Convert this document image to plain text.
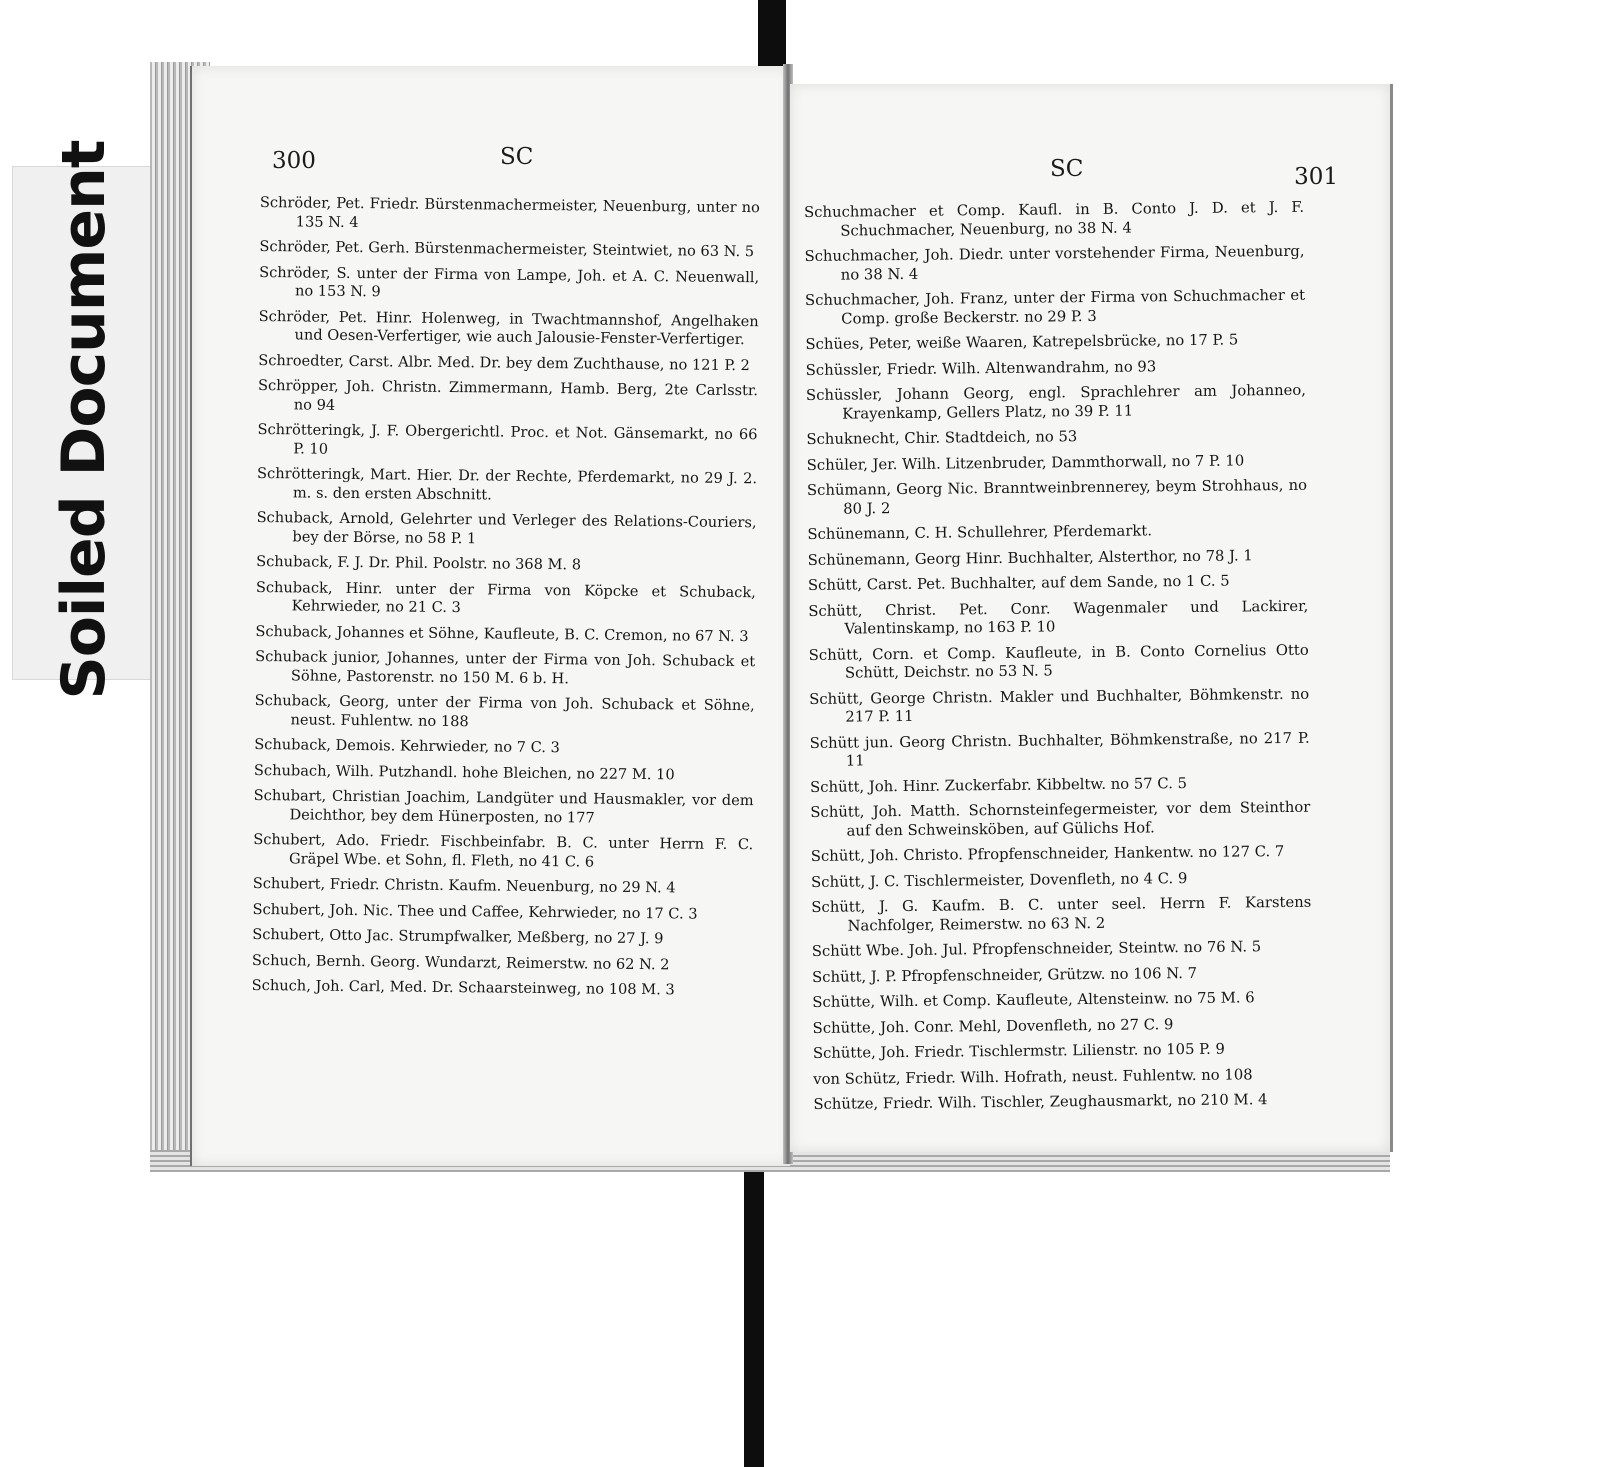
Soiled Document	300	SC
Schröder, Pet. Friedr. Bürstenmachermeister, Neuenburg, unter no 135 N. 4
Schröder, Pet. Gerh. Bürstenmachermeister, Steintwiet, no 63 N. 5
Schröder, S. unter der Firma von Lampe, Joh. et A. C. Neuenwall, no 153 N. 9
Schröder, Pet. Hinr. Holenweg, in Twachtmannshof, Angelhaken und Oesen-Verfertiger, wie auch Jalousie-Fenster-Verfertiger.
Schroedter, Carst. Albr. Med. Dr. bey dem Zuchthause, no 121 P. 2
Schröpper, Joh. Christn. Zimmermann, Hamb. Berg, 2te Carlsstr. no 94
Schrötteringk, J. F. Obergerichtl. Proc. et Not. Gänsemarkt, no 66 P. 10
Schrötteringk, Mart. Hier. Dr. der Rechte, Pferdemarkt, no 29 J. 2. m. s. den ersten Abschnitt.
Schuback, Arnold, Gelehrter und Verleger des Relations-Couriers, bey der Börse, no 58 P. 1
Schuback, F. J. Dr. Phil. Poolstr. no 368 M. 8
Schuback, Hinr. unter der Firma von Köpcke et Schuback, Kehrwieder, no 21 C. 3
Schuback, Johannes et Söhne, Kaufleute, B. C. Cremon, no 67 N. 3
Schuback junior, Johannes, unter der Firma von Joh. Schuback et Söhne, Pastorenstr. no 150 M. 6 b. H.
Schuback, Georg, unter der Firma von Joh. Schuback et Söhne, neust. Fuhlentw. no 188
Schuback, Demois. Kehrwieder, no 7 C. 3
Schubach, Wilh. Putzhandl. hohe Bleichen, no 227 M. 10
Schubart, Christian Joachim, Landgüter und Hausmakler, vor dem Deichthor, bey dem Hünerposten, no 177
Schubert, Ado. Friedr. Fischbeinfabr. B. C. unter Herrn F. C. Gräpel Wbe. et Sohn, fl. Fleth, no 41 C. 6
Schubert, Friedr. Christn. Kaufm. Neuenburg, no 29 N. 4
Schubert, Joh. Nic. Thee und Caffee, Kehrwieder, no 17 C. 3
Schubert, Otto Jac. Strumpfwalker, Meßberg, no 27 J. 9
Schuch, Bernh. Georg. Wundarzt, Reimerstw. no 62 N. 2
Schuch, Joh. Carl, Med. Dr. Schaarsteinweg, no 108 M. 3
301
SC
Schuchmacher et Comp. Kaufl. in B. Conto J. D. et J. F. Schuchmacher, Neuenburg, no 38 N. 4
Schuchmacher, Joh. Diedr. unter vorstehender Firma, Neuenburg, no 38 N. 4
Schuchmacher, Joh. Franz, unter der Firma von Schuchmacher et Comp. große Beckerstr. no 29 P. 3
Schües, Peter, weiße Waaren, Katrepelsbrücke, no 17 P. 5
Schüssler, Friedr. Wilh. Altenwandrahm, no 93
Schüssler, Johann Georg, engl. Sprachlehrer am Johanneo, Krayenkamp, Gellers Platz, no 39 P. 11
Schuknecht, Chir. Stadtdeich, no 53
Schüler, Jer. Wilh. Litzenbruder, Dammthorwall, no 7 P. 10
Schümann, Georg Nic. Branntweinbrennerey, beym Strohhaus, no 80 J. 2
Schünemann, C. H. Schullehrer, Pferdemarkt.
Schünemann, Georg Hinr. Buchhalter, Alsterthor, no 78 J. 1
Schütt, Carst. Pet. Buchhalter, auf dem Sande, no 1 C. 5
Schütt, Christ. Pet. Conr. Wagenmaler und Lackirer, Valentinskamp, no 163 P. 10
Schütt, Corn. et Comp. Kaufleute, in B. Conto Cornelius Otto Schütt, Deichstr. no 53 N. 5
Schütt, George Christn. Makler und Buchhalter, Böhmkenstr. no 217 P. 11
Schütt jun. Georg Christn. Buchhalter, Böhmkenstraße, no 217 P. 11
Schütt, Joh. Hinr. Zuckerfabr. Kibbeltw. no 57 C. 5
Schütt, Joh. Matth. Schornsteinfegermeister, vor dem Steinthor auf den Schweinsköben, auf Gülichs Hof.
Schütt, Joh. Christo. Pfropfenschneider, Hankentw. no 127 C. 7
Schütt, J. C. Tischlermeister, Dovenfleth, no 4 C. 9
Schütt, J. G. Kaufm. B. C. unter seel. Herrn F. Karstens Nachfolger, Reimerstw. no 63 N. 2
Schütt Wbe. Joh. Jul. Pfropfenschneider, Steintw. no 76 N. 5
Schütt, J. P. Pfropfenschneider, Grützw. no 106 N. 7
Schütte, Wilh. et Comp. Kaufleute, Altensteinw. no 75 M. 6
Schütte, Joh. Conr. Mehl, Dovenfleth, no 27 C. 9
Schütte, Joh. Friedr. Tischlermstr. Lilienstr. no 105 P. 9
von Schütz, Friedr. Wilh. Hofrath, neust. Fuhlentw. no 108
Schütze, Friedr. Wilh. Tischler, Zeughausmarkt, no 210 M. 4
